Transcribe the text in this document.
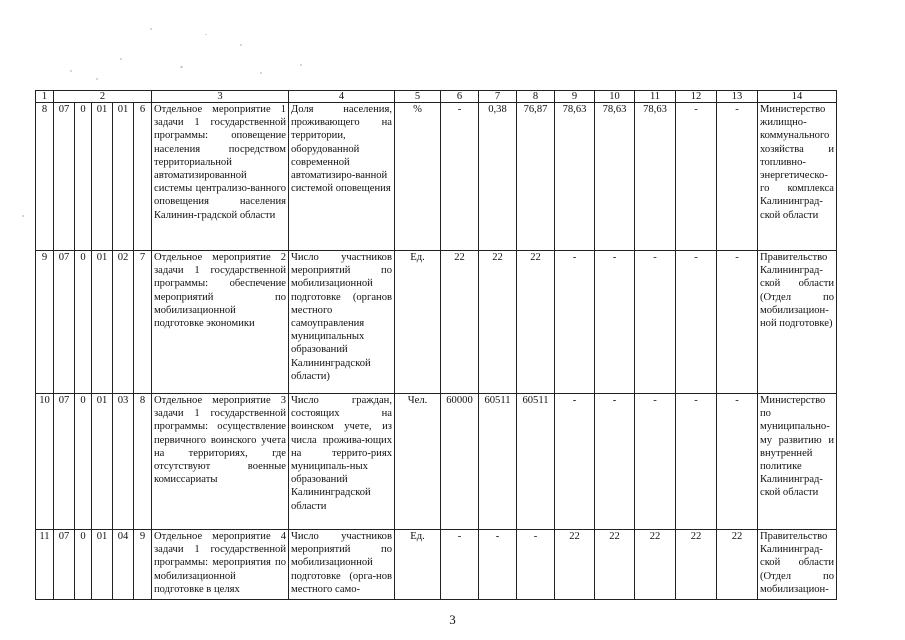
1	2					3	4	5	6	7	8	9	10	11	12	13	14
8	07	0	01	01	6	Отдельное мероприятие 1 задачи 1 государственной программы: оповещение населения посредством территориальной автоматизированной системы централизо-ванного оповещения населения Калинин-градской области	Доля населения, проживающего на территории, оборудованной современной автоматизиро-ванной системой оповещения	%	-	0,38	76,87	78,63	78,63	78,63	-	-	Министерство жилищно-коммунального хозяйства и топливно-энергетическо-го комплекса Калининград-ской области
9	07	0	01	02	7	Отдельное мероприятие 2 задачи 1 государственной программы: обеспечение мероприятий по мобилизационной подготовке экономики	Число участников мероприятий по мобилизационной подготовке (органов местного самоуправления муниципальных образований Калининградской области)	Ед.	22	22	22	-	-	-	-	-	Правительство Калининград-ской области (Отдел по мобилизацион-ной подготовке)
10	07	0	01	03	8	Отдельное мероприятие 3 задачи 1 государственной программы: осуществление первичного воинского учета на территориях, где отсутствуют военные комиссариаты	Число граждан, состоящих на воинском учете, из числа прожива-ющих на террито-риях муниципаль-ных образований Калининградской области	Чел.	60000	60511	60511	-	-	-	-	-	Министерство по муниципально-му развитию и внутренней политике Калининград-ской области
11	07	0	01	04	9	Отдельное мероприятие 4 задачи 1 государственной программы: мероприятия по мобилизационной подготовке в целях	Число участников мероприятий по мобилизационной подготовке (орга-нов местного само-	Ед.	-	-	-	22	22	22	22	22	Правительство Калининград-ской области (Отдел по мобилизацион-
3
